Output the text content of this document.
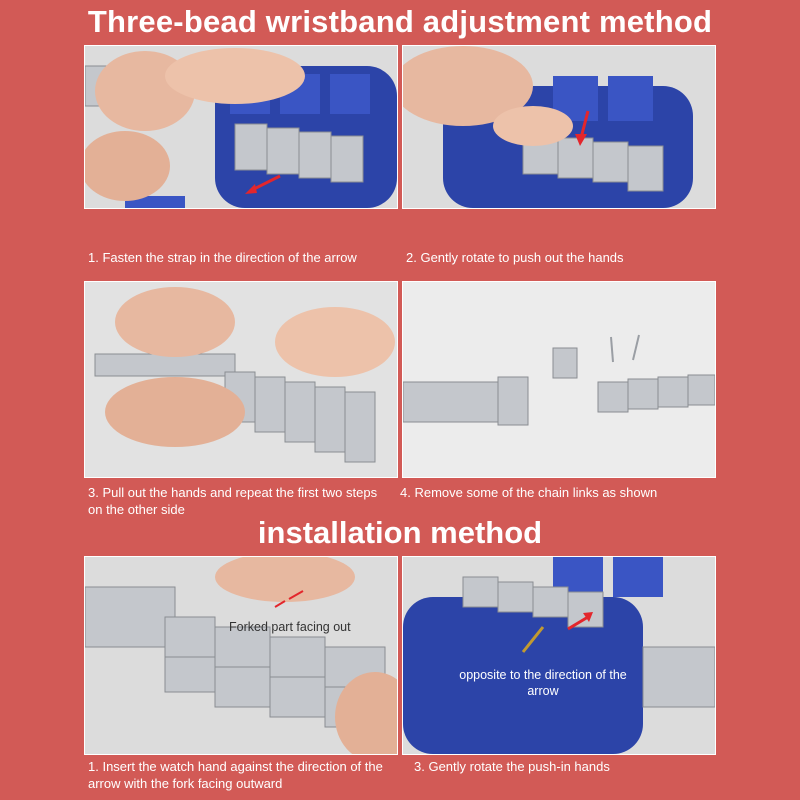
Three-bead wristband adjustment method

1. Fasten the strap in the direction of the arrow	2. Gently rotate to push out the hands

3. Pull out the hands and repeat the first two steps on the other side

4. Remove some of the chain links as shown

installation method
Forked part facing out

1. Insert the watch hand against the direction of the arrow with the fork facing outward

opposite to the direction of the arrow

3. Gently rotate the push-in hands
